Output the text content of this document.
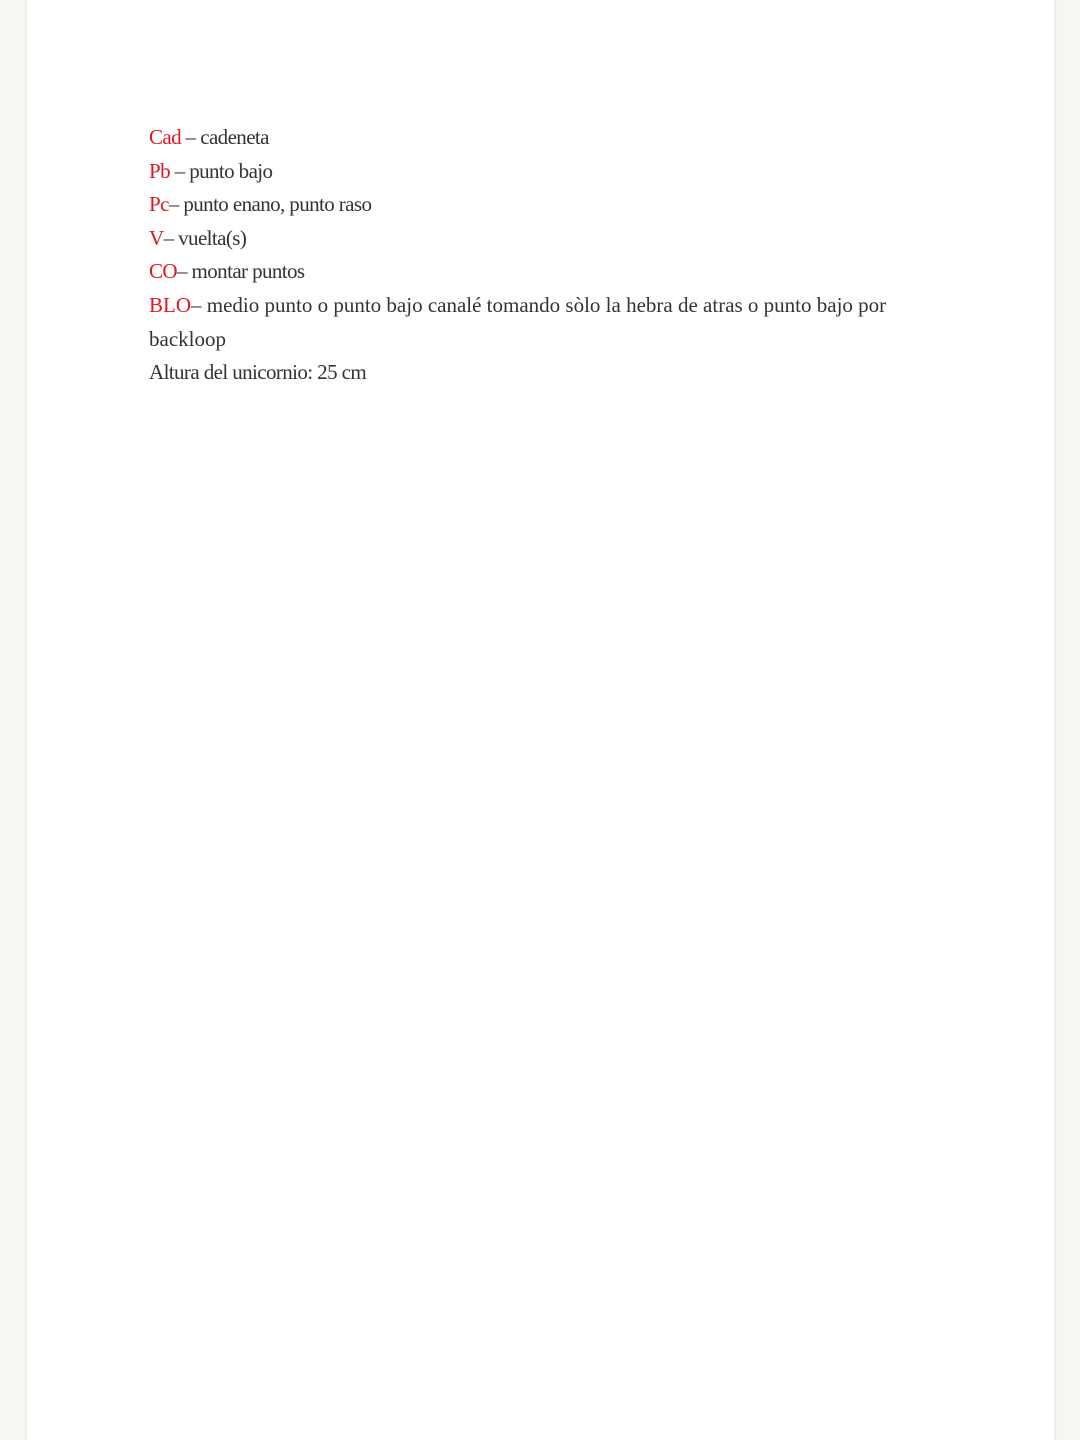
Cad – cadeneta

Pb – punto bajo

Pc– punto enano, punto raso

V– vuelta(s)

CO– montar puntos

BLO– medio punto o punto bajo canalé tomando sòlo la hebra de atras o punto bajo por backloop

Altura del unicornio: 25 cm
